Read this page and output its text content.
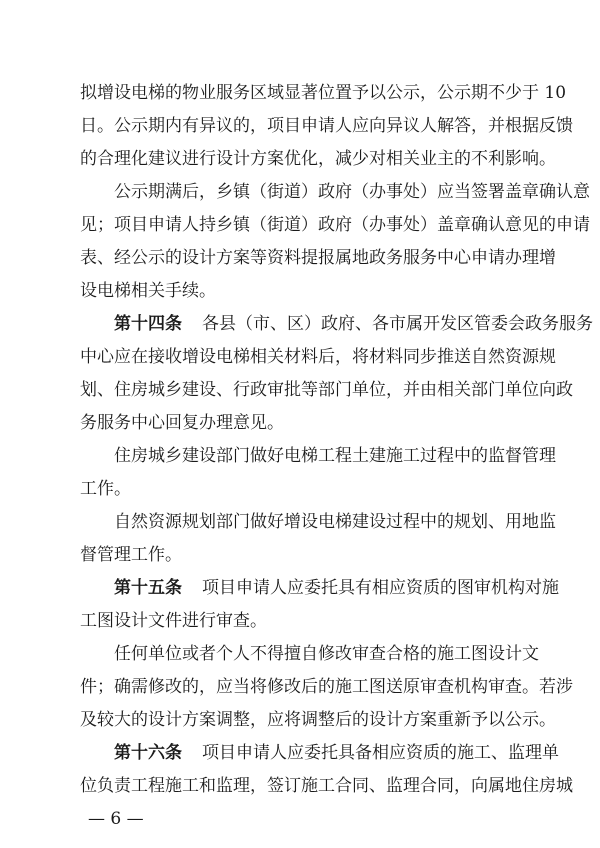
拟增设电梯的物业服务区域显著位置予以公示，公示期不少于 10
日。公示期内有异议的，项目申请人应向异议人解答，并根据反馈
的合理化建议进行设计方案优化，减少对相关业主的不利影响。
公示期满后，乡镇（街道）政府（办事处）应当签署盖章确认意
见；项目申请人持乡镇（街道）政府（办事处）盖章确认意见的申请
表、经公示的设计方案等资料提报属地政务服务中心申请办理增
设电梯相关手续。
第十四条 各县（市、区）政府、各市属开发区管委会政务服务
中心应在接收增设电梯相关材料后，将材料同步推送自然资源规
划、住房城乡建设、行政审批等部门单位，并由相关部门单位向政
务服务中心回复办理意见。
住房城乡建设部门做好电梯工程土建施工过程中的监督管理
工作。
自然资源规划部门做好增设电梯建设过程中的规划、用地监
督管理工作。
第十五条 项目申请人应委托具有相应资质的图审机构对施
工图设计文件进行审查。
任何单位或者个人不得擅自修改审查合格的施工图设计文
件；确需修改的，应当将修改后的施工图送原审查机构审查。若涉
及较大的设计方案调整，应将调整后的设计方案重新予以公示。
第十六条 项目申请人应委托具备相应资质的施工、监理单
位负责工程施工和监理，签订施工合同、监理合同，向属地住房城
— 6 —
